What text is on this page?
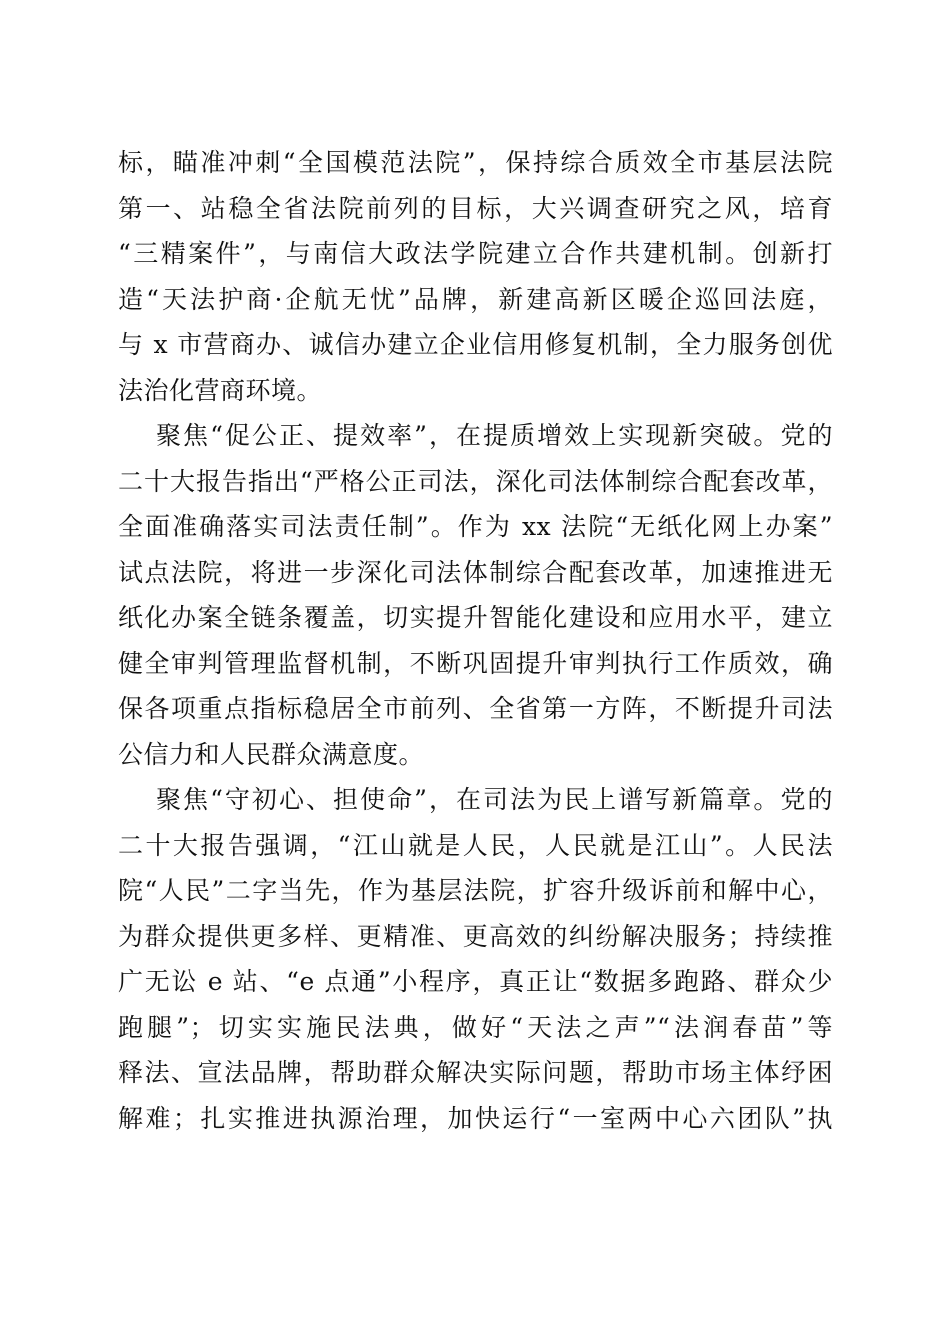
标，瞄准冲刺“全国模范法院”，保持综合质效全市基层法院
第一、站稳全省法院前列的目标，大兴调查研究之风，培育
“三精案件”，与南信大政法学院建立合作共建机制。创新打
造“天法护商·企航无忧”品牌，新建高新区暖企巡回法庭，
与 x 市营商办、诚信办建立企业信用修复机制，全力服务创优
法治化营商环境。
聚焦“促公正、提效率”，在提质增效上实现新突破。党的
二十大报告指出“严格公正司法，深化司法体制综合配套改革，
全面准确落实司法责任制”。作为 xx 法院“无纸化网上办案”
试点法院，将进一步深化司法体制综合配套改革，加速推进无
纸化办案全链条覆盖，切实提升智能化建设和应用水平，建立
健全审判管理监督机制，不断巩固提升审判执行工作质效，确
保各项重点指标稳居全市前列、全省第一方阵，不断提升司法
公信力和人民群众满意度。
聚焦“守初心、担使命”，在司法为民上谱写新篇章。党的
二十大报告强调，“江山就是人民，人民就是江山”。人民法
院“人民”二字当先，作为基层法院，扩容升级诉前和解中心，
为群众提供更多样、更精准、更高效的纠纷解决服务；持续推
广无讼 e 站、“e 点通”小程序，真正让“数据多跑路、群众少
跑腿”；切实实施民法典，做好“天法之声”“法润春苗”等
释法、宣法品牌，帮助群众解决实际问题，帮助市场主体纾困
解难；扎实推进执源治理，加快运行“一室两中心六团队”执
